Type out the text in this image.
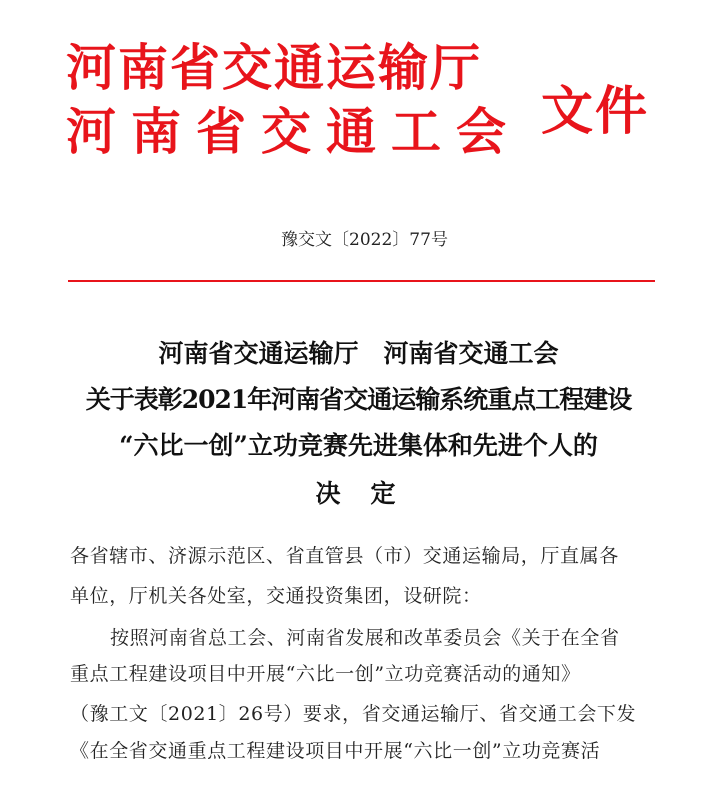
河南省交通运输厅
河南省交通工会 文件
豫交文〔2022〕77号
河南省交通运输厅　河南省交通工会
关于表彰2021年河南省交通运输系统重点工程建设
“六比一创”立功竞赛先进集体和先进个人的
决定
各省辖市、济源示范区、省直管县（市）交通运输局，厅直属各
单位，厅机关各处室，交通投资集团，设研院：
按照河南省总工会、河南省发展和改革委员会《关于在全省
重点工程建设项目中开展“六比一创”立功竞赛活动的通知》
（豫工文〔2021〕26号）要求，省交通运输厅、省交通工会下发
《在全省交通重点工程建设项目中开展“六比一创”立功竞赛活
